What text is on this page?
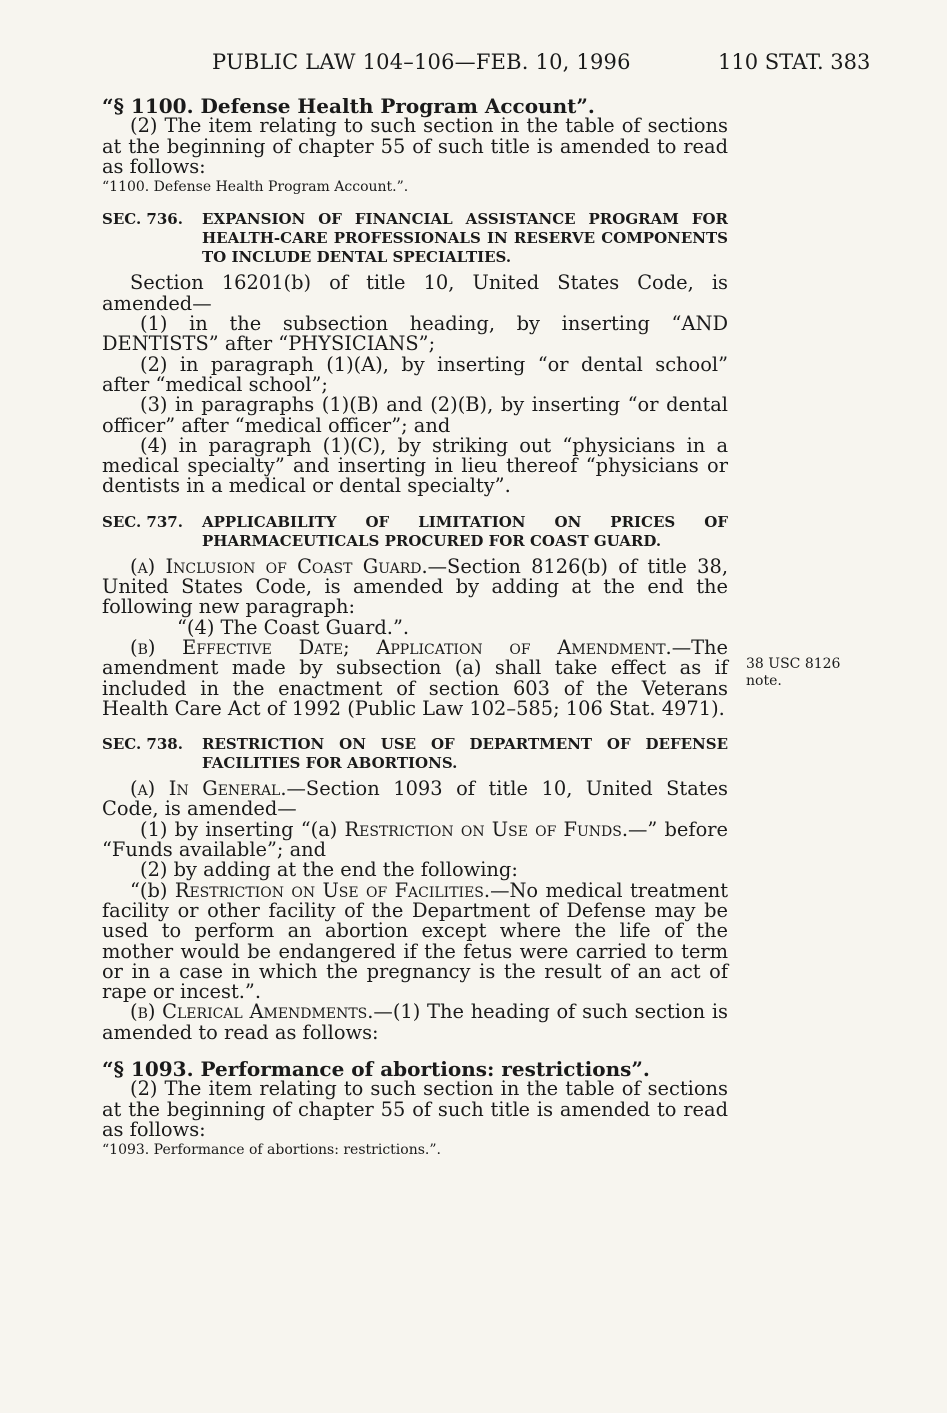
PUBLIC LAW 104–106—FEB. 10, 1996	110 STAT. 383
38 USC 8126
note.

“§ 1100. Defense Health Program Account”.

(2) The item relating to such section in the table of sections at the beginning of chapter 55 of such title is amended to read as follows:

“1100. Defense Health Program Account.”.

SEC. 736. EXPANSION OF FINANCIAL ASSISTANCE PROGRAM FOR HEALTH-CARE PROFESSIONALS IN RESERVE COMPONENTS TO INCLUDE DENTAL SPECIALTIES.

Section 16201(b) of title 10, United States Code, is amended—

(1) in the subsection heading, by inserting “AND DENTISTS” after “PHYSICIANS”;

(2) in paragraph (1)(A), by inserting “or dental school” after “medical school”;

(3) in paragraphs (1)(B) and (2)(B), by inserting “or dental officer” after “medical officer”; and

(4) in paragraph (1)(C), by striking out “physicians in a medical specialty” and inserting in lieu thereof “physicians or dentists in a medical or dental specialty”.

SEC. 737. APPLICABILITY OF LIMITATION ON PRICES OF PHARMACEUTICALS PROCURED FOR COAST GUARD.

(a) Inclusion of Coast Guard.—Section 8126(b) of title 38, United States Code, is amended by adding at the end the following new paragraph:

“(4) The Coast Guard.”.

(b) Effective Date; Application of Amendment.—The amendment made by subsection (a) shall take effect as if included in the enactment of section 603 of the Veterans Health Care Act of 1992 (Public Law 102–585; 106 Stat. 4971).

SEC. 738. RESTRICTION ON USE OF DEPARTMENT OF DEFENSE FACILITIES FOR ABORTIONS.

(a) In General.—Section 1093 of title 10, United States Code, is amended—

(1) by inserting “(a) Restriction on Use of Funds.—” before “Funds available”; and

(2) by adding at the end the following:

“(b) Restriction on Use of Facilities.—No medical treatment facility or other facility of the Department of Defense may be used to perform an abortion except where the life of the mother would be endangered if the fetus were carried to term or in a case in which the pregnancy is the result of an act of rape or incest.”.

(b) Clerical Amendments.—(1) The heading of such section is amended to read as follows:

“§ 1093. Performance of abortions: restrictions”.

(2) The item relating to such section in the table of sections at the beginning of chapter 55 of such title is amended to read as follows:

“1093. Performance of abortions: restrictions.”.
